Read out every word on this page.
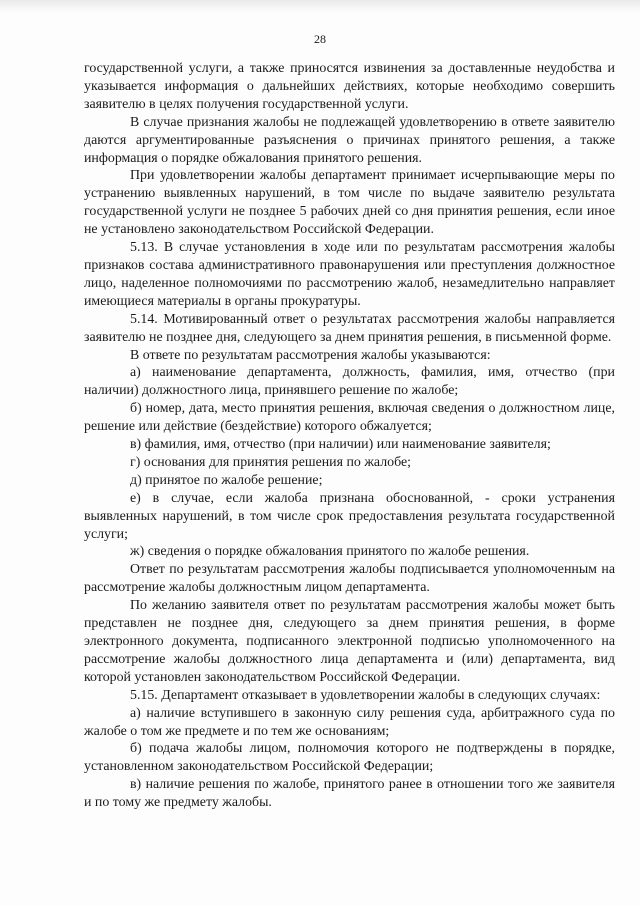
28

государственной услуги, а также приносятся извинения за доставленные неудобства и указывается информация о дальнейших действиях, которые необходимо совершить заявителю в целях получения государственной услуги.

В случае признания жалобы не подлежащей удовлетворению в ответе заявителю даются аргументированные разъяснения о причинах принятого решения, а также информация о порядке обжалования принятого решения.

При удовлетворении жалобы департамент принимает исчерпывающие меры по устранению выявленных нарушений, в том числе по выдаче заявителю результата государственной услуги не позднее 5 рабочих дней со дня принятия решения, если иное не установлено законодательством Российской Федерации.

5.13. В случае установления в ходе или по результатам рассмотрения жалобы признаков состава административного правонарушения или преступления должностное лицо, наделенное полномочиями по рассмотрению жалоб, незамедлительно направляет имеющиеся материалы в органы прокуратуры.

5.14. Мотивированный ответ о результатах рассмотрения жалобы направляется заявителю не позднее дня, следующего за днем принятия решения, в письменной форме.

В ответе по результатам рассмотрения жалобы указываются:

а) наименование департамента, должность, фамилия, имя, отчество (при наличии) должностного лица, принявшего решение по жалобе;

б) номер, дата, место принятия решения, включая сведения о должностном лице, решение или действие (бездействие) которого обжалуется;

в) фамилия, имя, отчество (при наличии) или наименование заявителя;

г) основания для принятия решения по жалобе;

д) принятое по жалобе решение;

е) в случае, если жалоба признана обоснованной, - сроки устранения выявленных нарушений, в том числе срок предоставления результата государственной услуги;

ж) сведения о порядке обжалования принятого по жалобе решения.

Ответ по результатам рассмотрения жалобы подписывается уполномоченным на рассмотрение жалобы должностным лицом департамента.

По желанию заявителя ответ по результатам рассмотрения жалобы может быть представлен не позднее дня, следующего за днем принятия решения, в форме электронного документа, подписанного электронной подписью уполномоченного на рассмотрение жалобы должностного лица департамента и (или) департамента, вид которой установлен законодательством Российской Федерации.

5.15. Департамент отказывает в удовлетворении жалобы в следующих случаях:

а) наличие вступившего в законную силу решения суда, арбитражного суда по жалобе о том же предмете и по тем же основаниям;

б) подача жалобы лицом, полномочия которого не подтверждены в порядке, установленном законодательством Российской Федерации;

в) наличие решения по жалобе, принятого ранее в отношении того же заявителя и по тому же предмету жалобы.
